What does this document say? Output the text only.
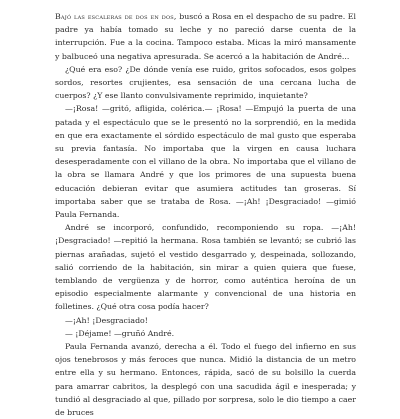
Bajó las escaleras de dos en dos, buscó a Rosa en el despacho de su padre. El padre ya había tomado su leche y no pareció darse cuenta de la interrupción. Fue a la cocina. Tampoco estaba. Micas la miró mansamente y balbuceó una negativa apresurada. Se acercó a la habitación de André...

¿Qué era eso? ¿De dónde venía ese ruido, gritos sofocados, esos golpes sordos, resortes crujientes, esa sensación de una cercana lucha de cuerpos? ¿Y ese llanto convulsivamente reprimido, inquietante?

—¡Rosa! —gritó, afligida, colérica.— ¡Rosa! —Empujó la puerta de una patada y el espectáculo que se le presentó no la sorprendió, en la medida en que era exactamente el sórdido espectáculo de mal gusto que esperaba su previa fantasía. No importaba que la virgen en causa luchara desesperadamente con el villano de la obra. No importaba que el villano de la obra se llamara André y que los primores de una supuesta buena educación debieran evitar que asumiera actitudes tan groseras. Sí importaba saber que se trataba de Rosa. —¡Ah! ¡Desgraciado! —gimió Paula Fernanda.

André se incorporó, confundido, recomponiendo su ropa. —¡Ah! ¡Desgraciado! —repitió la hermana. Rosa también se levantó; se cubrió las piernas arañadas, sujetó el vestido desgarrado y, despeinada, sollozando, salió corriendo de la habitación, sin mirar a quien quiera que fuese, temblando de vergüenza y de horror, como auténtica heroína de un episodio especialmente alarmante y convencional de una historia en folletines. ¿Qué otra cosa podía hacer?

—¡Ah! ¡Desgraciado!

— ¡Déjame! —gruñó André.

Paula Fernanda avanzó, derecha a él. Todo el fuego del infierno en sus ojos tenebrosos y más feroces que nunca. Midió la distancia de un metro entre ella y su hermano. Entonces, rápida, sacó de su bolsillo la cuerda para amarrar cabritos, la desplegó con una sacudida ágil e inesperada; y tundió al desgraciado al que, pillado por sorpresa, solo le dio tiempo a caer de bruces
